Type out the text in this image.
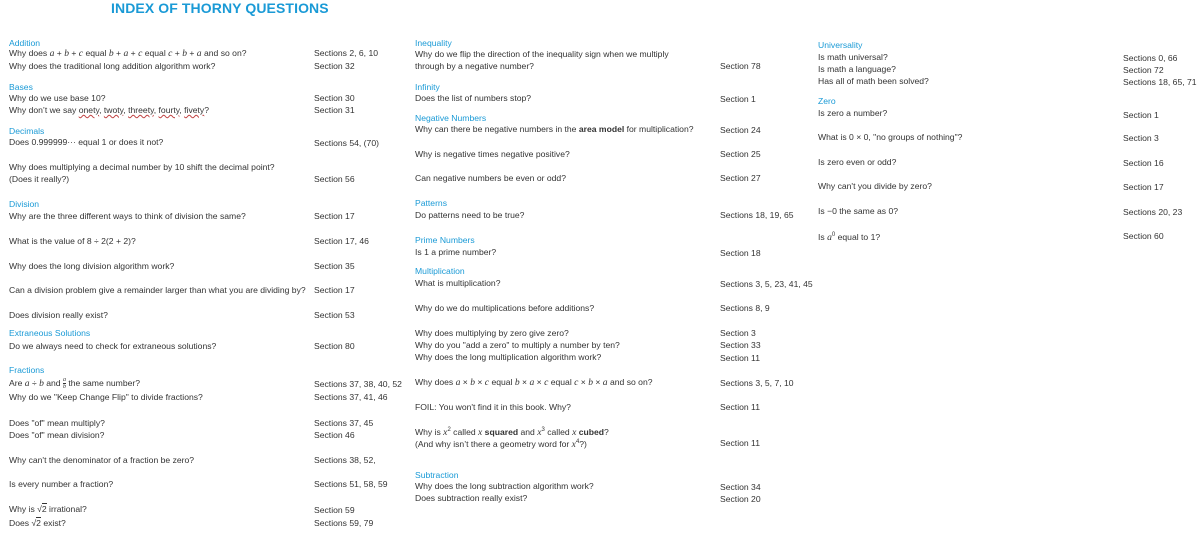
INDEX OF THORNY QUESTIONS
Addition
Why does a + b + c equal b + a + c equal c + b + a and so on?	Sections 2, 6, 10
Why does the traditional long addition algorithm work?	Section 32
Bases
Why do we use base 10?	Section 30
Why don’t we say onety, twoty, threety, fourty, fivety?	Section 31
Decimals
Does 0.999999··· equal 1 or does it not?	Sections 54, (70)
Why does multiplying a decimal number by 10 shift the decimal point?
(Does it really?)	Section 56
Division
Why are the three different ways to think of division the same?	Section 17
What is the value of 8 ÷ 2(2 + 2)?	Section 17, 46
Why does the long division algorithm work?	Section 35
Can a division problem give a remainder larger than what you are dividing by? Section 17
Does division really exist?	Section 53
Extraneous Solutions
Do we always need to check for extraneous solutions?	Section 80
Fractions
Are a ÷ b and $\frac{a}{b}$ the same number?	Sections 37, 38, 40, 52
Why do we "Keep Change Flip" to divide fractions?	Sections 37, 41, 46
Does "of" mean multiply?	Sections 37, 45
Does "of" mean division?	Section 46
Why can't the denominator of a fraction be zero?	Sections 38, 52,
Is every number a fraction?	Sections 51, 58, 59
Why is √2 irrational?	Section 59
Does √2 exist?	Sections 59, 79
Inequality
Why do we flip the direction of the inequality sign when we multiply
through by a negative number?	Section 78
Infinity
Does the list of numbers stop?	Section 1
Negative Numbers
Why can there be negative numbers in the area model for multiplication?	Section 24
Why is negative times negative positive?	Section 25
Can negative numbers be even or odd?	Section 27
Patterns
Do patterns need to be true?	Sections 18, 19, 65
Prime Numbers
Is 1 a prime number?	Section 18
Multiplication
What is multiplication?	Sections 3, 5, 23, 41, 45
Why do we do multiplications before additions?	Sections 8, 9
Why does multiplying by zero give zero?	Section 3
Why do you "add a zero" to multiply a number by ten?	Section 33
Why does the long multiplication algorithm work?	Section 11
Why does a × b × c equal b × a × c equal c × b × a and so on?	Sections 3, 5, 7, 10
FOIL: You won't find it in this book. Why?	Section 11
Why is $x^2$ called x squared and $x^3$ called x cubed?
(And why isn’t there a geometry word for $x^4$?)	Section 11
Subtraction
Why does the long subtraction algorithm work?	Section 34
Does subtraction really exist?	Section 20
Universality
Is math universal?	Sections 0, 66
Is math a language?	Section 72
Has all of math been solved?	Sections 18, 65, 71
Zero
Is zero a number?	Section 1
What is 0 × 0, "no groups of nothing"?	Section 3
Is zero even or odd?	Section 16
Why can't you divide by zero?	Section 17
Is −0 the same as 0?	Sections 20, 23
Is $a^0$ equal to 1?	Section 60
